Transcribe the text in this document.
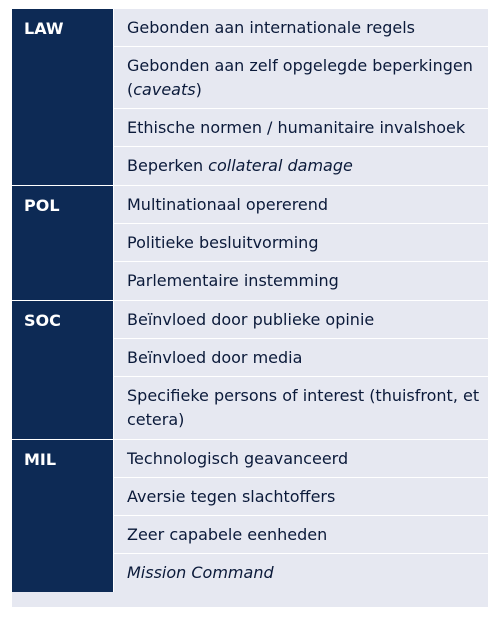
LAW	Gebonden aan internationale regels
Gebonden aan zelf opgelegde beperkingen (caveats)
Ethische normen / humanitaire invalshoek
Beperken collateral damage
POL	Multinationaal opererend
Politieke besluitvorming
Parlementaire instemming
SOC	Beïnvloed door publieke opinie
Beïnvloed door media
Specifieke persons of interest (thuisfront, et cetera)
MIL	Technologisch geavanceerd
Aversie tegen slachtoffers
Zeer capabele eenheden
Mission Command
